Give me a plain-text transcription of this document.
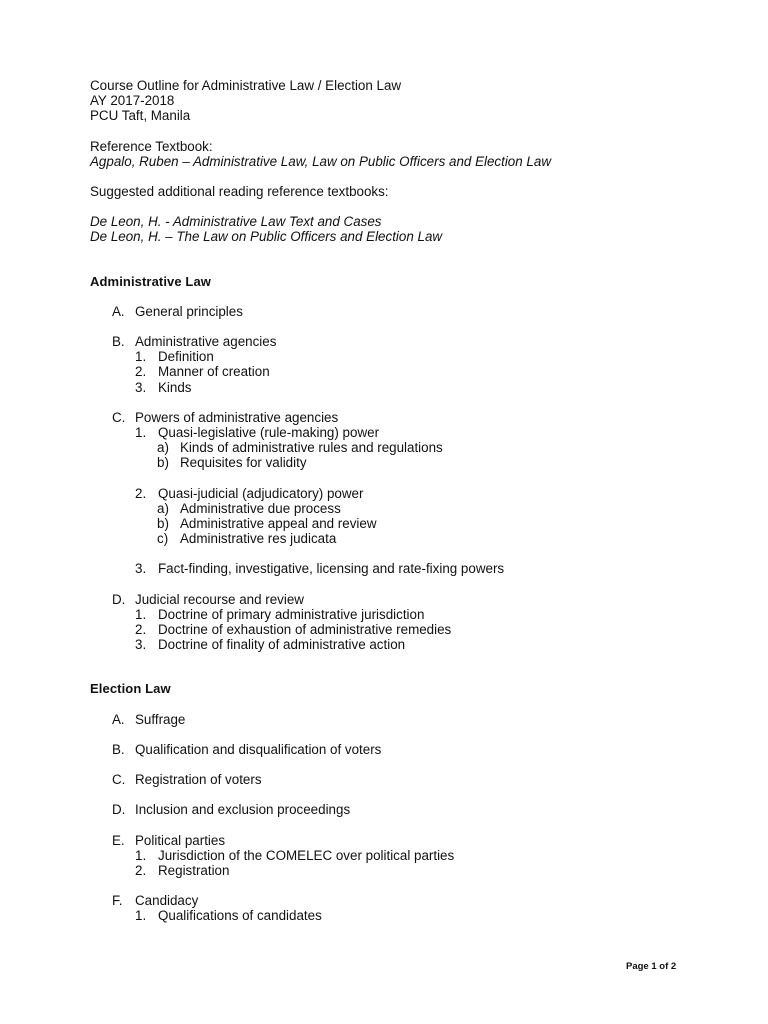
Course Outline for Administrative Law / Election Law
AY 2017-2018
PCU Taft, Manila
Reference Textbook:
Agpalo, Ruben – Administrative Law, Law on Public Officers and Election Law
Suggested additional reading reference textbooks:
De Leon, H. - Administrative Law Text and Cases
De Leon, H. – The Law on Public Officers and Election Law
Administrative Law
A. General principles
B. Administrative agencies
1. Definition
2. Manner of creation
3. Kinds
C. Powers of administrative agencies
1. Quasi-legislative (rule-making) power
a) Kinds of administrative rules and regulations
b) Requisites for validity
2. Quasi-judicial (adjudicatory) power
a) Administrative due process
b) Administrative appeal and review
c) Administrative res judicata
3. Fact-finding, investigative, licensing and rate-fixing powers
D. Judicial recourse and review
1. Doctrine of primary administrative jurisdiction
2. Doctrine of exhaustion of administrative remedies
3. Doctrine of finality of administrative action
Election Law
A. Suffrage
B. Qualification and disqualification of voters
C. Registration of voters
D. Inclusion and exclusion proceedings
E. Political parties
1. Jurisdiction of the COMELEC over political parties
2. Registration
F. Candidacy
1. Qualifications of candidates
Page 1 of 2
